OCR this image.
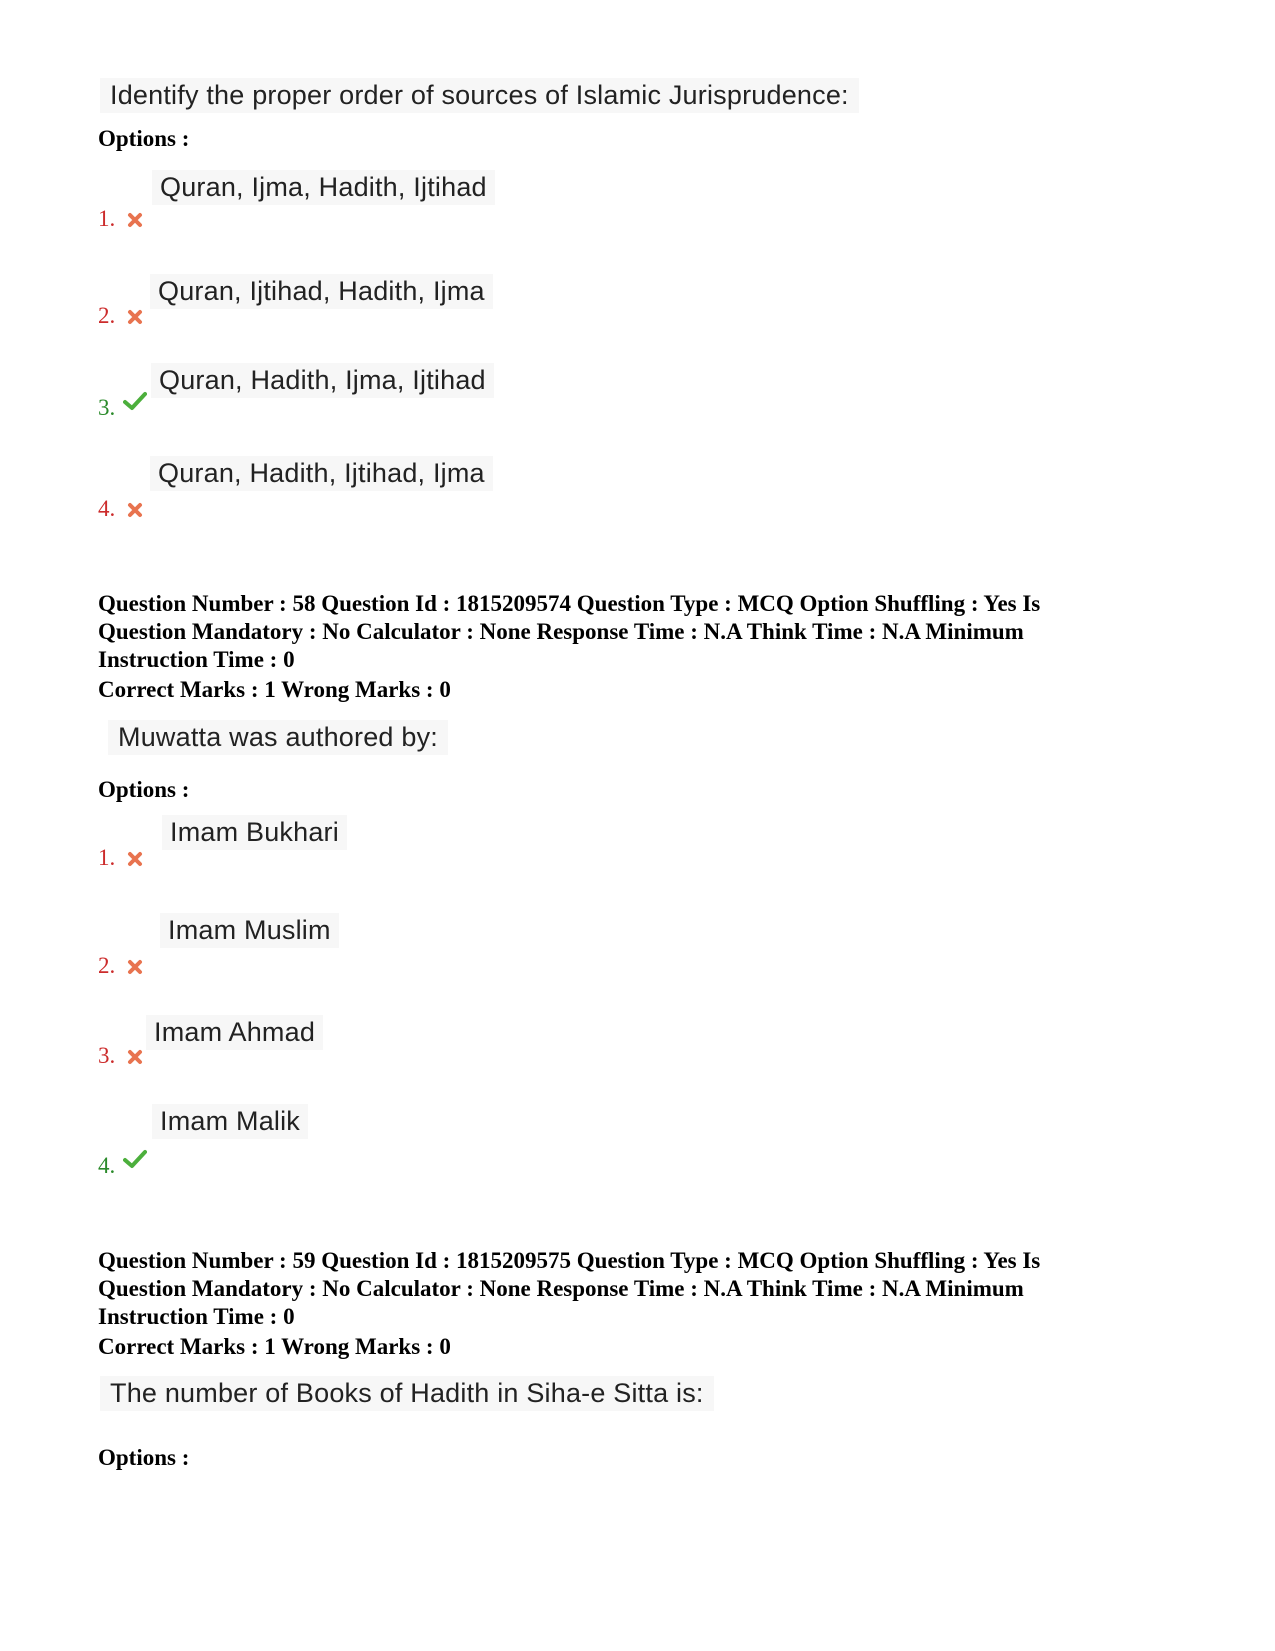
Identify the proper order of sources of Islamic Jurisprudence:
Options :
Quran, Ijma, Hadith, Ijtihad
1.
Quran, Ijtihad, Hadith, Ijma
2.
Quran, Hadith, Ijma, Ijtihad
3.
Quran, Hadith, Ijtihad, Ijma
4.
Question Number : 58 Question Id : 1815209574 Question Type : MCQ Option Shuffling : Yes Is
Question Mandatory : No Calculator : None Response Time : N.A Think Time : N.A Minimum
Instruction Time : 0
Correct Marks : 1 Wrong Marks : 0
Muwatta was authored by:
Options :
Imam Bukhari
1.
Imam Muslim
2.
Imam Ahmad
3.
Imam Malik
4.
Question Number : 59 Question Id : 1815209575 Question Type : MCQ Option Shuffling : Yes Is
Question Mandatory : No Calculator : None Response Time : N.A Think Time : N.A Minimum
Instruction Time : 0
Correct Marks : 1 Wrong Marks : 0
The number of Books of Hadith in Siha-e Sitta is:
Options :
